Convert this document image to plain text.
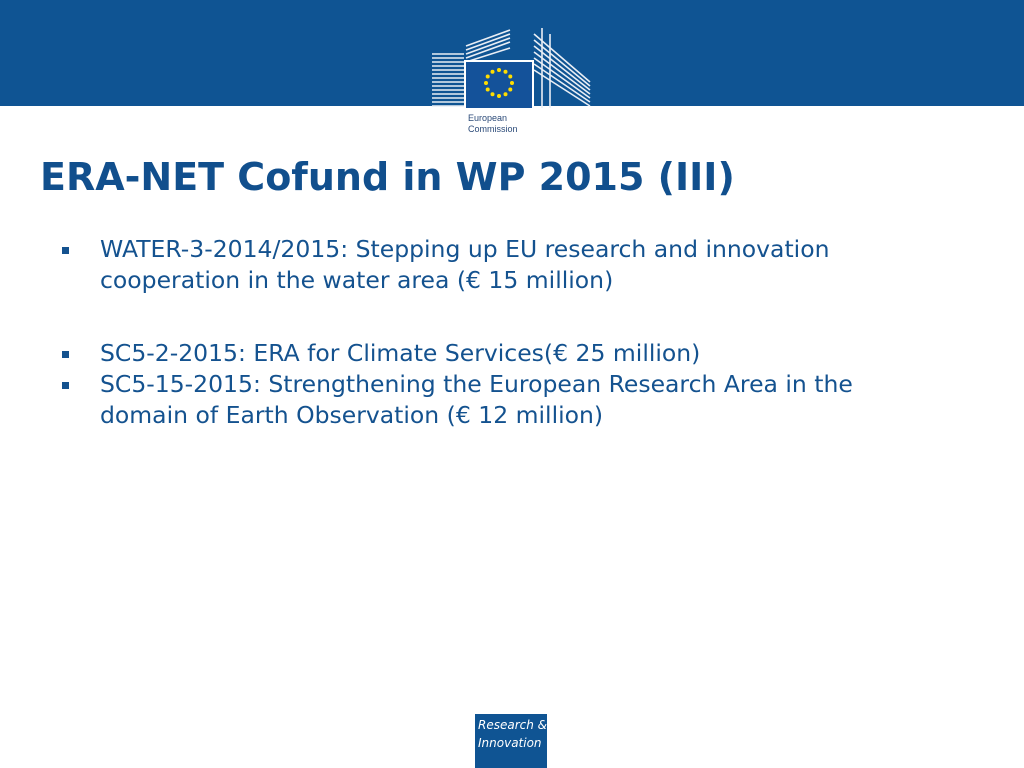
European
Commission
ERA-NET Cofund in WP 2015 (III)
WATER-3-2014/2015: Stepping up EU research and innovation
cooperation in the water area (€ 15 million)
SC5-2-2015: ERA for Climate Services(€ 25 million)
SC5-15-2015: Strengthening the European Research Area in the
domain of Earth Observation (€ 12 million)
Research &
Innovation
